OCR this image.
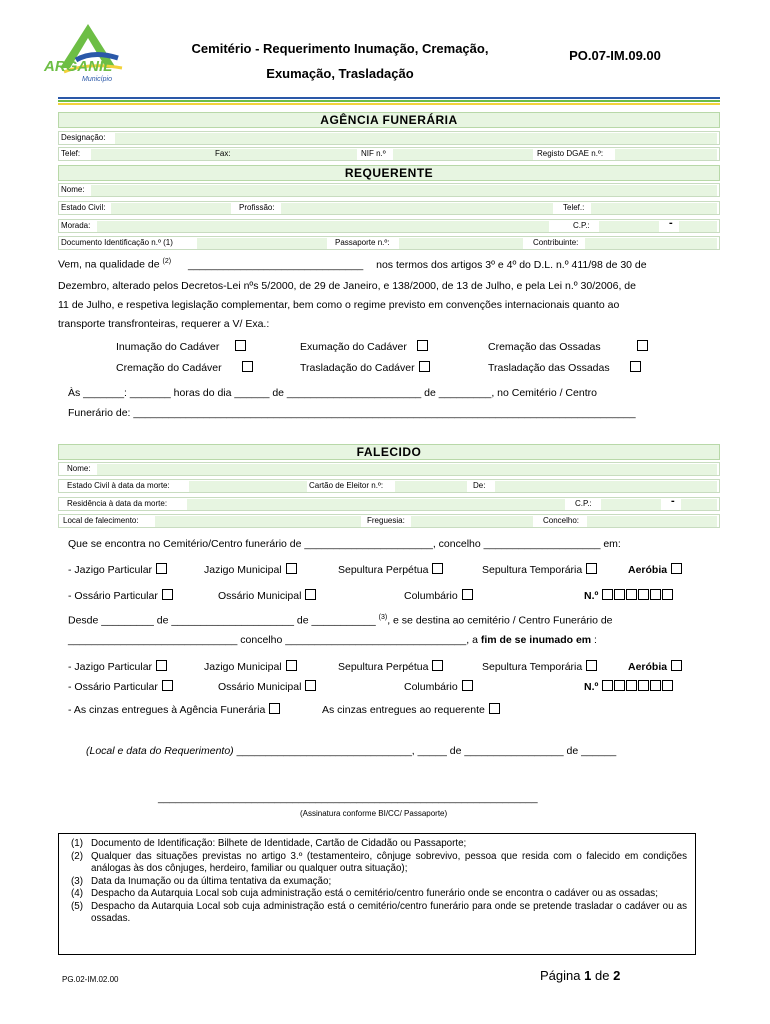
ARGANIL
Município
Cemitério - Requerimento Inumação, Cremação,
Exumação, Trasladação
PO.07-IM.09.00
AGÊNCIA FUNERÁRIA
Designação:
Telef:	Fax:	NIF n.º	Registo DGAE n.º:
REQUERENTE
Nome:
Estado Civil:	Profissão:	Telef.:
Morada:	C.P.:	-
Documento Identificação n.º (1)	Passaporte n.º:	Contribuinte:
Vem, na qualidade de $^{(2)}$ ______________________________ nos termos dos artigos 3º e 4º do D.L. n.º 411/98 de 30 de
Dezembro, alterado pelos Decretos-Lei nºs 5/2000, de 29 de Janeiro, e 138/2000, de 13 de Julho, e pela Lei n.º 30/2006, de
11 de Julho, e respetiva legislação complementar, bem como o regime previsto em convenções internacionais quanto ao
transporte transfronteiras, requerer a V/ Exa.:
Inumação do Cadáver	Exumação do Cadáver	Cremação das Ossadas
Cremação do Cadáver	Trasladação do Cadáver	Trasladação das Ossadas
Às _______: _______ horas do dia ______ de _______________________ de _________, no Cemitério / Centro
Funerário de: ______________________________________________________________________________________
FALECIDO
Nome:
Estado Civil à data da morte:	Cartão de Eleitor n.º:	De:
Residência à data da morte:	C.P.:	-
Local de falecimento:	Freguesia:	Concelho:
Que se encontra no Cemitério/Centro funerário de ______________________, concelho ____________________ em:
- Jazigo Particular	Jazigo Municipal	Sepultura Perpétua	Sepultura Temporária	Aeróbia
- Ossário Particular	Ossário Municipal	Columbário	N.º
Desde _________ de _____________________ de ___________ $^{(3)}$, e se destina ao cemitério / Centro Funerário de
_____________________________ concelho _______________________________, a fim de se inumado em :
- Jazigo Particular	Jazigo Municipal	Sepultura Perpétua	Sepultura Temporária	Aeróbia
- Ossário Particular	Ossário Municipal	Columbário	N.º
- As cinzas entregues à Agência Funerária	As cinzas entregues ao requerente
(Local e data do Requerimento) ______________________________, _____ de _________________ de ______
_________________________________________________________________
(Assinatura conforme BI/CC/ Passaporte)
(1) Documento de Identificação: Bilhete de Identidade, Cartão de Cidadão ou Passaporte;
(2) Qualquer das situações previstas no artigo 3.º (testamenteiro, cônjuge sobrevivo, pessoa que resida com o falecido em condições análogas às dos cônjuges, herdeiro, familiar ou qualquer outra situação);
(3) Data da Inumação ou da última tentativa da exumação;
(4) Despacho da Autarquia Local sob cuja administração está o cemitério/centro funerário onde se encontra o cadáver ou as ossadas;
(5) Despacho da Autarquia Local sob cuja administração está o cemitério/centro funerário para onde se pretende trasladar o cadáver ou as ossadas.
PG.02-IM.02.00	Página 1 de 2
